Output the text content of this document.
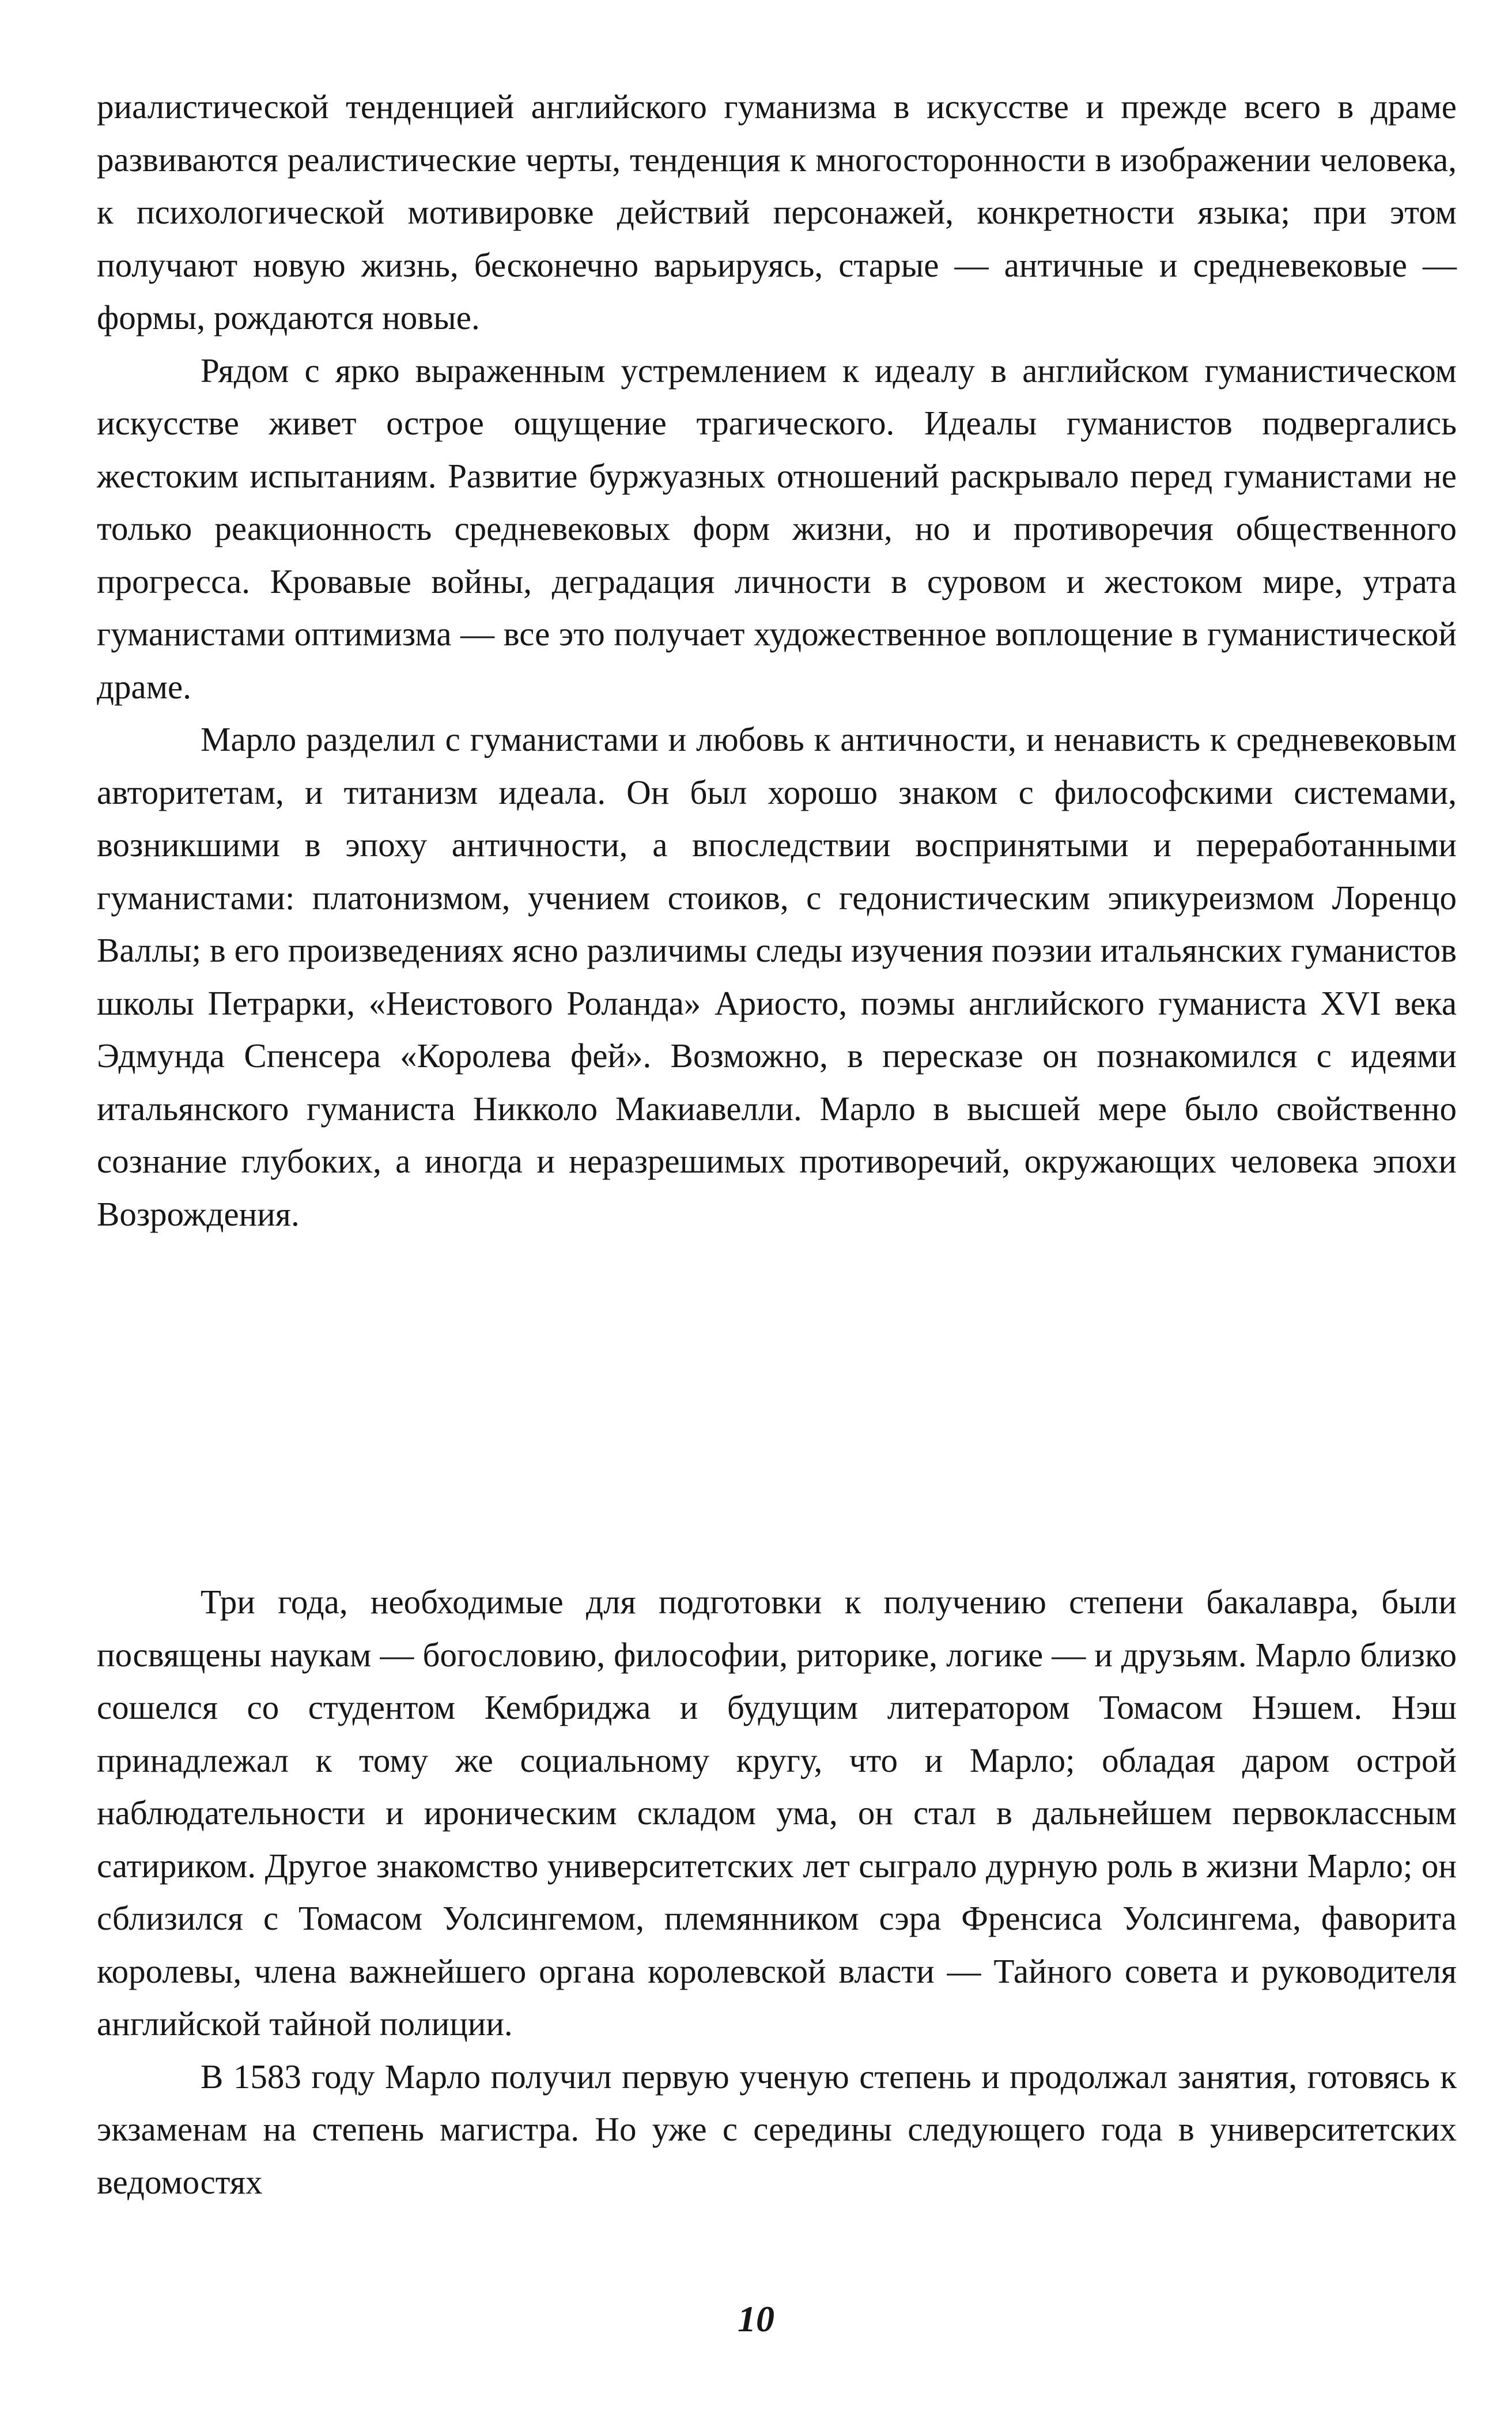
риалистической тенденцией английского гуманизма в искусстве и прежде всего в драме развиваются реалистические черты, тенденция к многосторонности в изображении человека, к психологической мотивировке действий персонажей, конкретности языка; при этом получают новую жизнь, бесконечно варьируясь, старые — античные и средневековые — формы, рождаются новые.

Рядом с ярко выраженным устремлением к идеалу в английском гуманистическом искусстве живет острое ощущение трагического. Идеалы гуманистов подвергались жестоким испытаниям. Развитие буржуазных отношений раскрывало перед гуманистами не только реакционность средневековых форм жизни, но и противоречия общественного прогресса. Кровавые войны, деградация личности в суровом и жестоком мире, утрата гуманистами оптимизма — все это получает художественное воплощение в гуманистической драме.

Марло разделил с гуманистами и любовь к античности, и ненависть к средневековым авторитетам, и титанизм идеала. Он был хорошо знаком с философскими системами, возникшими в эпоху античности, а впоследствии воспринятыми и переработанными гуманистами: платонизмом, учением стоиков, с гедонистическим эпикуреизмом Лоренцо Валлы; в его произведениях ясно различимы следы изучения поэзии итальянских гуманистов школы Петрарки, «Неистового Роланда» Ариосто, поэмы английского гуманиста XVI века Эдмунда Спенсера «Королева фей». Возможно, в пересказе он познакомился с идеями итальянского гуманиста Никколо Макиавелли. Марло в высшей мере было свойственно сознание глубоких, а иногда и неразрешимых противоречий, окружающих человека эпохи Возрождения.

Три года, необходимые для подготовки к получению степени бакалавра, были посвящены наукам — богословию, философии, риторике, логике — и друзьям. Марло близко сошелся со студентом Кембриджа и будущим литератором Томасом Нэшем. Нэш принадлежал к тому же социальному кругу, что и Марло; обладая даром острой наблюдательности и ироническим складом ума, он стал в дальнейшем первоклассным сатириком. Другое знакомство университетских лет сыграло дурную роль в жизни Марло; он сблизился с Томасом Уолсингемом, племянником сэра Френсиса Уолсингема, фаворита королевы, члена важнейшего органа королевской власти — Тайного совета и руководителя английской тайной полиции.

В 1583 году Марло получил первую ученую степень и продолжал занятия, готовясь к экзаменам на степень магистра. Но уже с середины следующего года в университетских ведомостях

10
